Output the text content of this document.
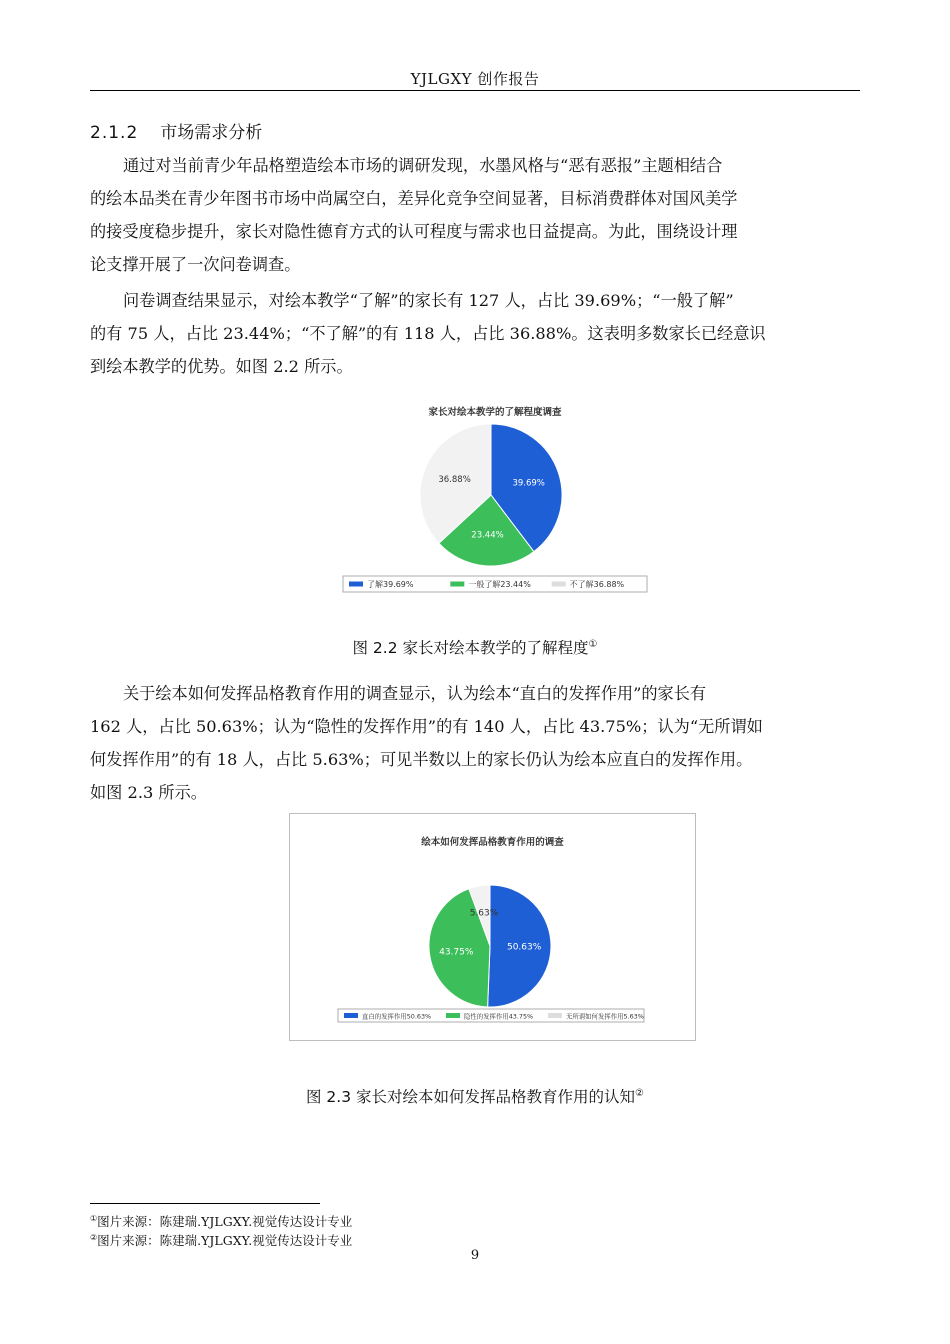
YJLGXY 创作报告
2.1.2 市场需求分析

通过对当前青少年品格塑造绘本市场的调研发现，水墨风格与“恶有恶报”主题相结合
的绘本品类在青少年图书市场中尚属空白，差异化竞争空间显著，目标消费群体对国风美学
的接受度稳步提升，家长对隐性德育方式的认可程度与需求也日益提高。为此，围绕设计理
论支撑开展了一次问卷调查。

问卷调查结果显示，对绘本教学“了解”的家长有 127 人，占比 39.69%；“一般了解”
的有 75 人，占比 23.44%；“不了解”的有 118 人，占比 36.88%。这表明多数家长已经意识
到绘本教学的优势。如图 2.2 所示。

家长对绘本教学的了解程度调查
39.69%
23.44%
36.88%
了解39.69%	一般了解23.44%	不了解36.88%
图 2.2 家长对绘本教学的了解程度①

关于绘本如何发挥品格教育作用的调查显示，认为绘本“直白的发挥作用”的家长有
162 人，占比 50.63%；认为“隐性的发挥作用”的有 140 人，占比 43.75%；认为“无所谓如
何发挥作用”的有 18 人，占比 5.63%；可见半数以上的家长仍认为绘本应直白的发挥作用。
如图 2.3 所示。

绘本如何发挥品格教育作用的调查
50.63%
43.75%
5.63%
直白的发挥作用50.63%	隐性的发挥作用43.75%	无所谓如何发挥作用5.63%
图 2.3 家长对绘本如何发挥品格教育作用的认知②
①图片来源：陈建瑞.YJLGXY.视觉传达设计专业
②图片来源：陈建瑞.YJLGXY.视觉传达设计专业
9
